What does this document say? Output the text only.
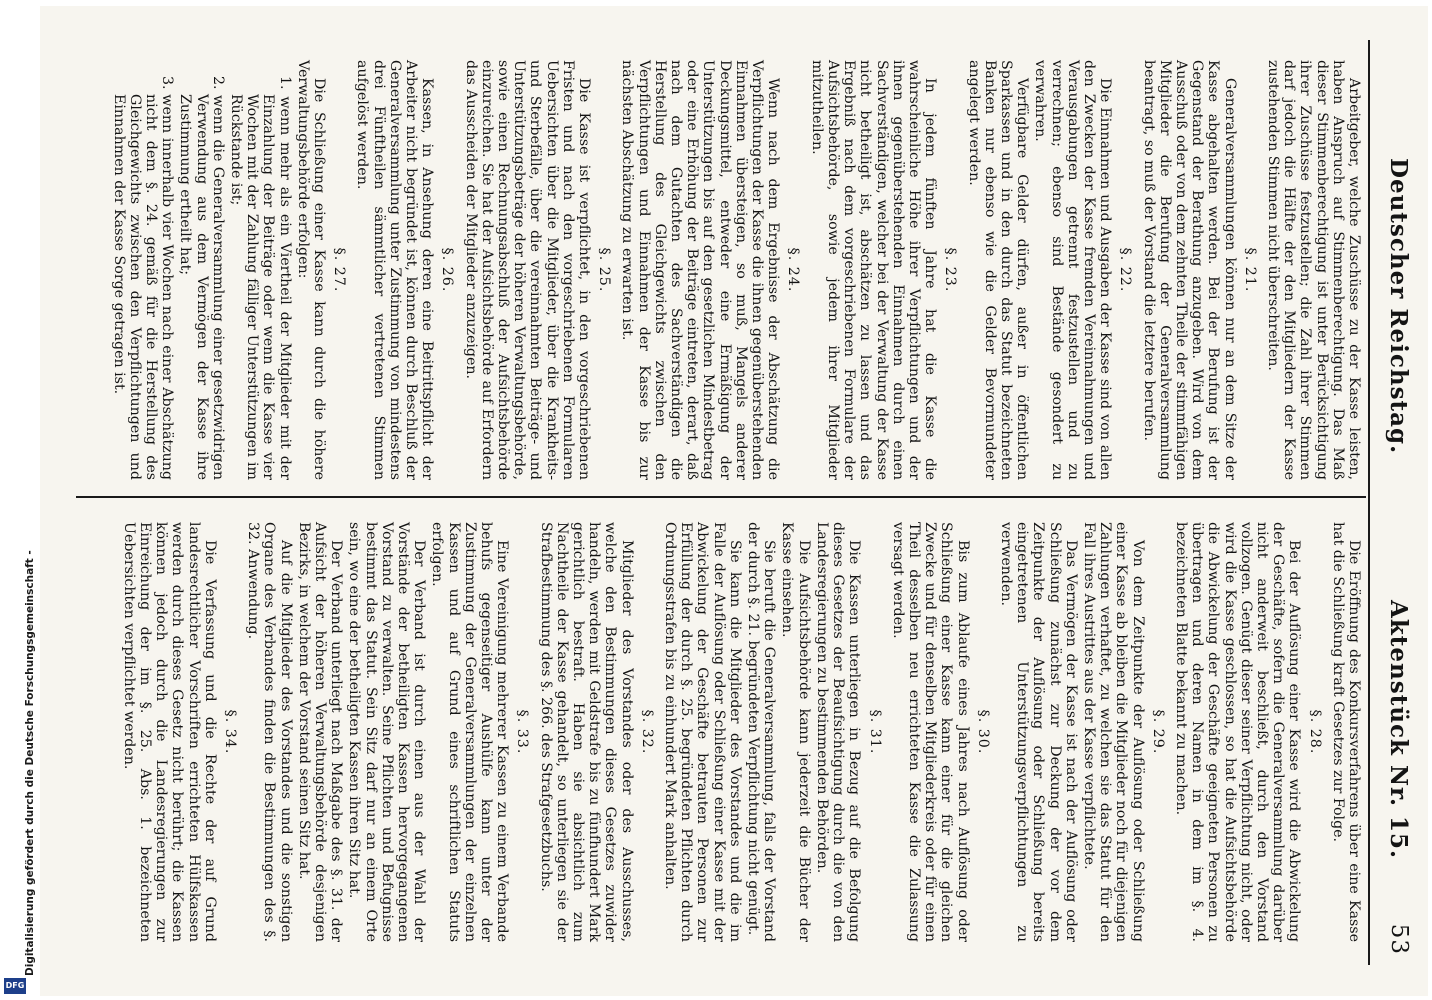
Digitalisierung gefördert durch die Deutsche Forschungsgemeinschaft -
DFG
Deutscher Reichstag.
Aktenstück Nr. 15.
53

Arbeitgeber, welche Zuschüsse zu der Kasse leisten, haben Anspruch auf Stimmenberechtigung. Das Maß dieser Stimmenberechtigung ist unter Berücksichtigung ihrer Zuschüsse festzustellen; die Zahl ihrer Stimmen darf jedoch die Hälfte der den Mitgliedern der Kasse zustehenden Stimmen nicht überschreiten.

§. 21.

Generalversammlungen können nur an dem Sitze der Kasse abgehalten werden. Bei der Berufung ist der Gegenstand der Berathung anzugeben. Wird von dem Ausschuß oder von dem zehnten Theile der stimmfähigen Mitglieder die Berufung der Generalversammlung beantragt, so muß der Vorstand die letztere berufen.

§. 22.

Die Einnahmen und Ausgaben der Kasse sind von allen den Zwecken der Kasse fremden Vereinnahmungen und Verausgabungen getrennt festzustellen und zu verrechnen; ebenso sind Bestände gesondert zu verwahren.

Verfügbare Gelder dürfen, außer in öffentlichen Sparkassen und in den durch das Statut bezeichneten Banken nur ebenso wie die Gelder Bevormundeter angelegt werden.

§. 23.

In jedem fünften Jahre hat die Kasse die wahrscheinliche Höhe ihrer Verpflichtungen und der ihnen gegenüberstehenden Einnahmen durch einen Sachverständigen, welcher bei der Verwaltung der Kasse nicht betheiligt ist, abschätzen zu lassen und das Ergebniß nach dem vorgeschriebenen Formulare der Aufsichtsbehörde, sowie jedem ihrer Mitglieder mitzutheilen.

§. 24.

Wenn nach dem Ergebnisse der Abschätzung die Verpflichtungen der Kasse die ihnen gegenüberstehenden Einnahmen übersteigen, so muß, Mangels anderer Deckungsmittel, entweder eine Ermäßigung der Unterstützungen bis auf den gesetzlichen Mindestbetrag oder eine Erhöhung der Beiträge eintreten, derart, daß nach dem Gutachten des Sachverständigen die Herstellung des Gleichgewichts zwischen den Verpflichtungen und Einnahmen der Kasse bis zur nächsten Abschätzung zu erwarten ist.

§. 25.

Die Kasse ist verpflichtet, in den vorgeschriebenen Fristen und nach den vorgeschriebenen Formularen Uebersichten über die Mitglieder, über die Krankheits- und Sterbefälle, über die vereinnahmten Beiträge- und Unterstützungsbeträge der höheren Verwaltungsbehörde, sowie einen Rechnungsabschluß der Aufsichtsbehörde einzureichen. Sie hat der Aufsichtsbehörde auf Erfordern das Ausscheiden der Mitglieder anzuzeigen.

§. 26.

Kassen, in Ansehung deren eine Beitrittspflicht der Arbeiter nicht begründet ist, können durch Beschluß der Generalversammlung unter Zustimmung von mindestens drei Fünftheilen sämmtlicher vertretenen Stimmen aufgelöst werden.

§. 27.

Die Schließung einer Kasse kann durch die höhere Verwaltungsbehörde erfolgen:

1. wenn mehr als ein Viertheil der Mitglieder mit der Einzahlung der Beiträge oder wenn die Kasse vier Wochen mit der Zahlung fälliger Unterstützungen im Rückstande ist;
2. wenn die Generalversammlung einer gesetzwidrigen Verwendung aus dem Vermögen der Kasse ihre Zustimmung ertheilt hat;
3. wenn innerhalb vier Wochen nach einer Abschätzung nicht dem §. 24. gemäß für die Herstellung des Gleichgewichts zwischen den Verpflichtungen und Einnahmen der Kasse Sorge getragen ist.

Die Eröffnung des Konkursverfahrens über eine Kasse hat die Schließung kraft Gesetzes zur Folge.

§. 28.

Bei der Auflösung einer Kasse wird die Abwickelung der Geschäfte, sofern die Generalversammlung darüber nicht anderweit beschließt, durch den Vorstand vollzogen. Genügt dieser seiner Verpflichtung nicht, oder wird die Kasse geschlossen, so hat die Aufsichtsbehörde die Abwickelung der Geschäfte geeigneten Personen zu übertragen und deren Namen in dem im §. 4. bezeichneten Blatte bekannt zu machen.

§. 29.

Von dem Zeitpunkte der Auflösung oder Schließung einer Kasse ab bleiben die Mitglieder noch für diejenigen Zahlungen verhaftet, zu welchen sie das Statut für den Fall ihres Austrittes aus der Kasse verpflichtete.

Das Vermögen der Kasse ist nach der Auflösung oder Schließung zunächst zur Deckung der vor dem Zeitpunkte der Auflösung oder Schließung bereits eingetretenen Unterstützungsverpflichtungen zu verwenden.

§. 30.

Bis zum Ablaufe eines Jahres nach Auflösung oder Schließung einer Kasse kann einer für die gleichen Zwecke und für denselben Mitgliederkreis oder für einen Theil desselben neu errichteten Kasse die Zulassung versagt werden.

§. 31.

Die Kassen unterliegen in Bezug auf die Befolgung dieses Gesetzes der Beaufsichtigung durch die von den Landesregierungen zu bestimmenden Behörden.

Die Aufsichtsbehörde kann jederzeit die Bücher der Kasse einsehen.

Sie beruft die Generalversammlung, falls der Vorstand der durch §. 21. begründeten Verpflichtung nicht genügt.

Sie kann die Mitglieder des Vorstandes und die im Falle der Auflösung oder Schließung einer Kasse mit der Abwickelung der Geschäfte betrauten Personen zur Erfüllung der durch §. 25. begründeten Pflichten durch Ordnungsstrafen bis zu einhundert Mark anhalten.

§. 32.

Mitglieder des Vorstandes oder des Ausschusses, welche den Bestimmungen dieses Gesetzes zuwider handeln, werden mit Geldstrafe bis zu fünfhundert Mark gerichtlich bestraft. Haben sie absichtlich zum Nachtheile der Kasse gehandelt, so unterliegen sie der Strafbestimmung des §. 266. des Strafgesetzbuchs.

§. 33.

Eine Vereinigung mehrerer Kassen zu einem Verbande behufs gegenseitiger Aushülfe kann unter der Zustimmung der Generalversammlungen der einzelnen Kassen und auf Grund eines schriftlichen Statuts erfolgen.

Der Verband ist durch einen aus der Wahl der Vorstände der betheiligten Kassen hervorgegangenen Vorstand zu verwalten. Seine Pflichten und Befugnisse bestimmt das Statut. Sein Sitz darf nur an einem Orte sein, wo eine der betheiligten Kassen ihren Sitz hat.

Der Verband unterliegt nach Maßgabe des §. 31. der Aufsicht der höheren Verwaltungsbehörde desjenigen Bezirks, in welchem der Vorstand seinen Sitz hat.

Auf die Mitglieder des Vorstandes und die sonstigen Organe des Verbandes finden die Bestimmungen des §. 32. Anwendung.

§. 34.

Die Verfassung und die Rechte der auf Grund landesrechtlicher Vorschriften errichteten Hülfskassen werden durch dieses Gesetz nicht berührt; die Kassen können jedoch durch die Landesregierungen zur Einreichung der im §. 25. Abs. 1. bezeichneten Uebersichten verpflichtet werden.
